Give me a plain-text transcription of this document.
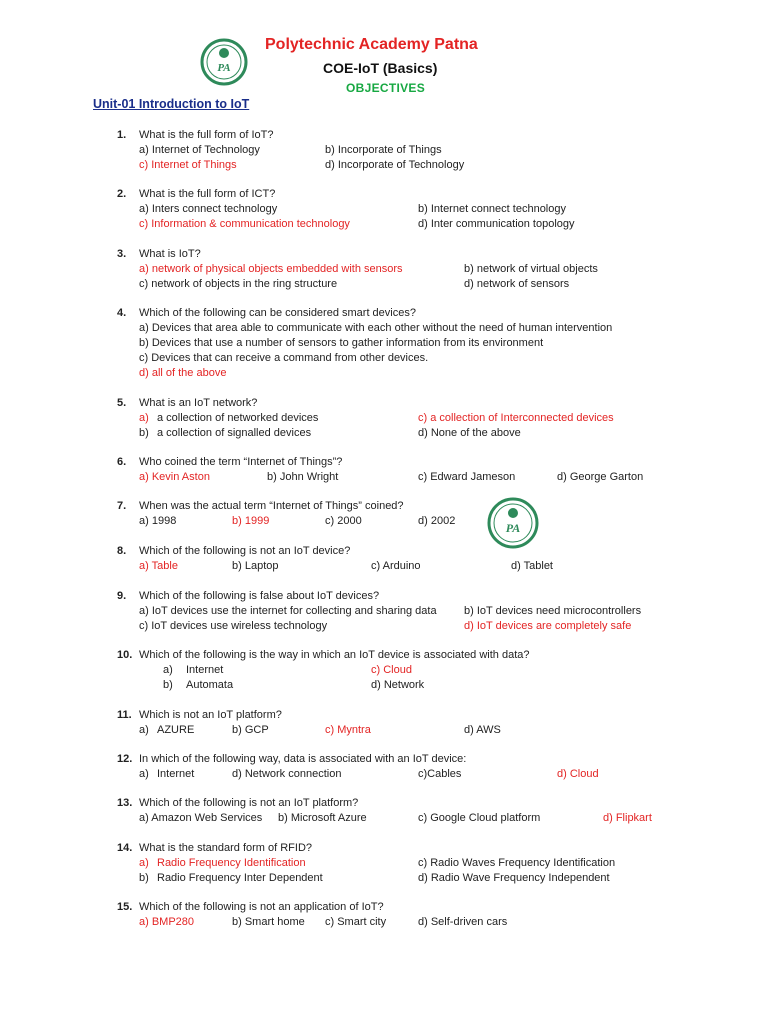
PA
Polytechnic Academy Patna
COE-IoT (Basics)
OBJECTIVES
Unit-01 Introduction to IoT
1. What is the full form of IoT?
a) Internet of Technology	b) Incorporate of Things
c) Internet of Things	d) Incorporate of Technology
2. What is the full form of ICT?
a) Inters connect technology	b) Internet connect technology
c) Information & communication technology	d) Inter communication topology
3. What is IoT?
a) network of physical objects embedded with sensors	b) network of virtual objects
c) network of objects in the ring structure	d) network of sensors
4. Which of the following can be considered smart devices?
a) Devices that area able to communicate with each other without the need of human intervention
b) Devices that use a number of sensors to gather information from its environment
c) Devices that can receive a command from other devices.
d) all of the above
5. What is an IoT network?
a) a collection of networked devices	c) a collection of Interconnected devices
b) a collection of signalled devices	d) None of the above
6. Who coined the term “Internet of Things”?
a) Kevin Aston	b) John Wright	c) Edward Jameson	d) George Garton
7. When was the actual term “Internet of Things” coined?
a) 1998	b) 1999	c) 2000	d) 2002	PA
8. Which of the following is not an IoT device?
a) Table	b) Laptop	c) Arduino	d) Tablet
9. Which of the following is false about IoT devices?
a) IoT devices use the internet for collecting and sharing data b) IoT devices need microcontrollers
c) IoT devices use wireless technology	d) IoT devices are completely safe
10. Which of the following is the way in which an IoT device is associated with data?
a) Internet	c) Cloud
b) Automata	d) Network
11. Which is not an IoT platform?
a) AZURE	b) GCP	c) Myntra	d) AWS
12. In which of the following way, data is associated with an IoT device:
a) Internet	d) Network connection	c)Cables	d) Cloud
13. Which of the following is not an IoT platform?
a) Amazon Web Services b) Microsoft Azure	c) Google Cloud platform	d) Flipkart
14. What is the standard form of RFID?
a) Radio Frequency Identification	c) Radio Waves Frequency Identification
b) Radio Frequency Inter Dependent	d) Radio Wave Frequency Independent
15. Which of the following is not an application of IoT?
a) BMP280	b) Smart home c) Smart city	d) Self-driven cars
